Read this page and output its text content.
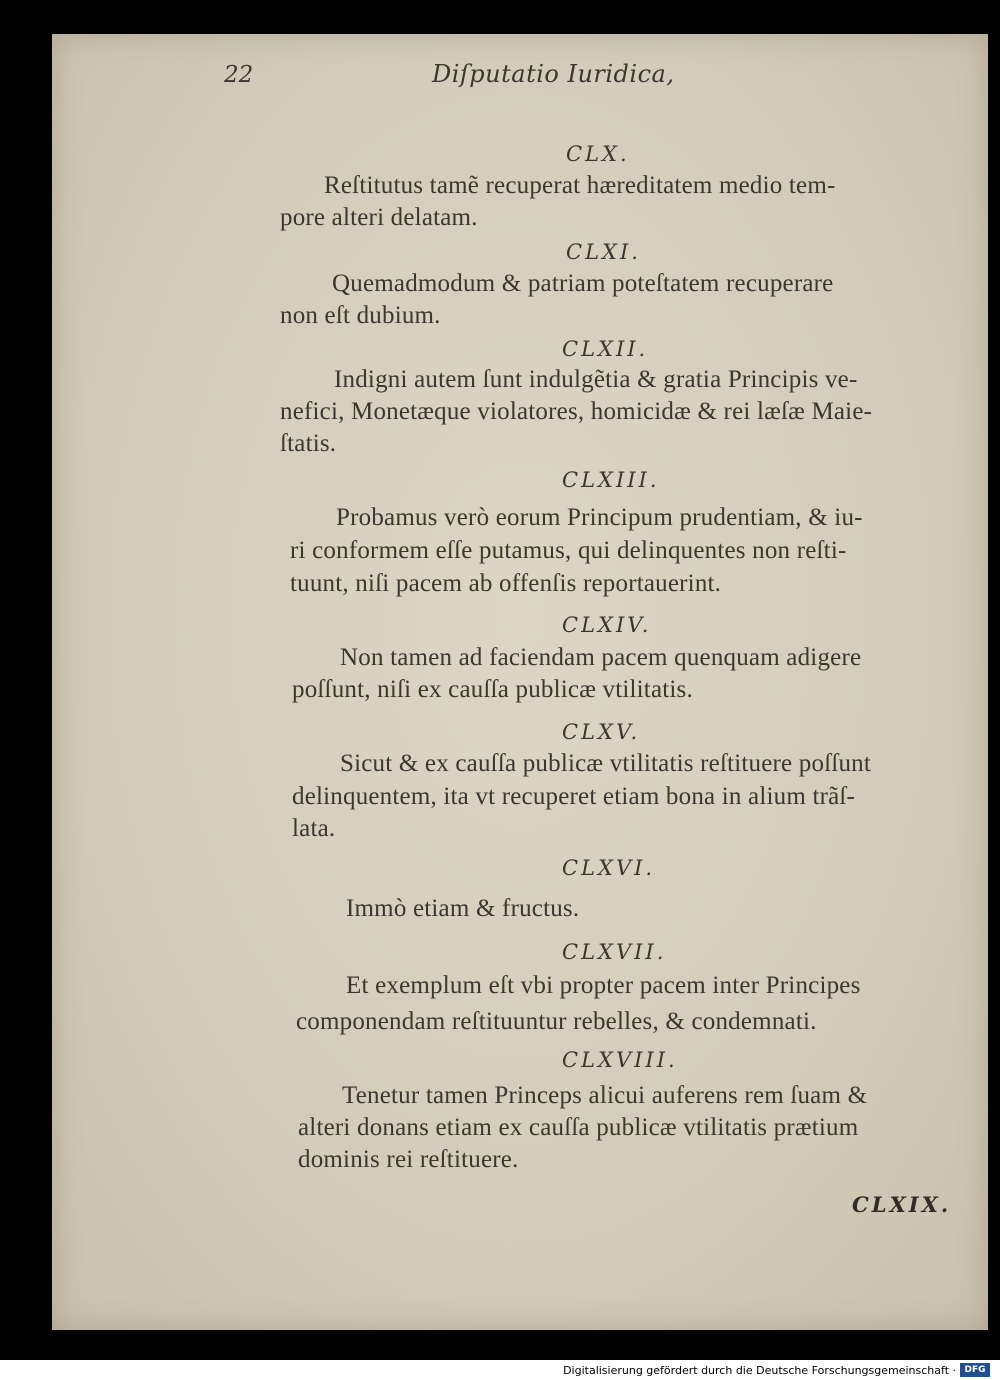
22	Diſputatio Iuridica,
CLX.
Reſtitutus tamẽ recuperat hæreditatem medio tem-
pore alteri delatam.
CLXI.
Quemadmodum & patriam poteſtatem recuperare
non eſt dubium.
CLXII.
Indigni autem ſunt indulgẽtia & gratia Principis ve-
nefici, Monetæque violatores, homicidæ & rei læſæ Maie-
ſtatis.
CLXIII.
Probamus verò eorum Principum prudentiam, & iu-
ri conformem eſſe putamus, qui delinquentes non reſti-
tuunt, niſi pacem ab offenſis reportauerint.
CLXIV.
Non tamen ad faciendam pacem quenquam adigere
poſſunt, niſi ex cauſſa publicæ vtilitatis.
CLXV.
Sicut & ex cauſſa publicæ vtilitatis reſtituere poſſunt
delinquentem, ita vt recuperet etiam bona in alium trãſ-
lata.
CLXVI.
Immò etiam & fructus.
CLXVII.
Et exemplum eſt vbi propter pacem inter Principes
componendam reſtituuntur rebelles, & condemnati.
CLXVIII.
Tenetur tamen Princeps alicui auferens rem ſuam &
alteri donans etiam ex cauſſa publicæ vtilitatis prætium
dominis rei reſtituere.
CLXIX.
Digitalisierung gefördert durch die Deutsche Forschungsgemeinschaft · DFG
